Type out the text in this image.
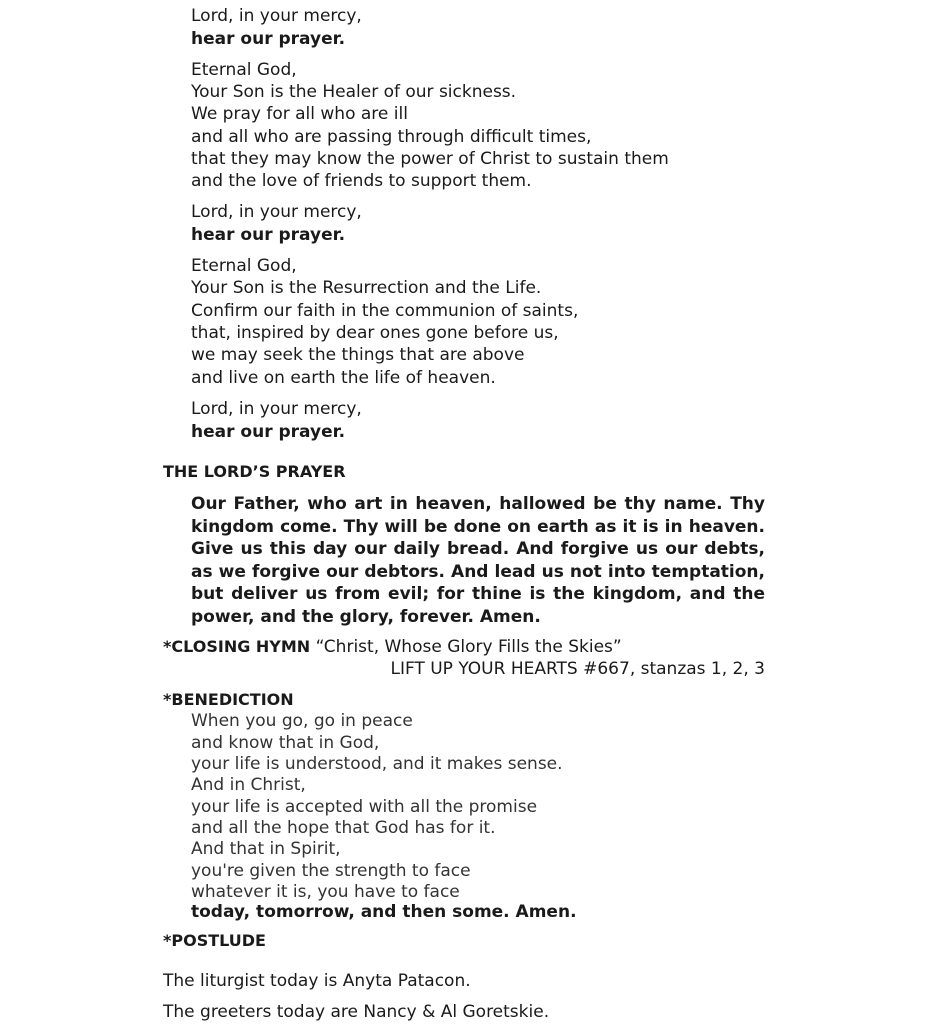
Lord, in your mercy,
hear our prayer.
Eternal God,
Your Son is the Healer of our sickness.
We pray for all who are ill
and all who are passing through difficult times,
that they may know the power of Christ to sustain them
and the love of friends to support them.
Lord, in your mercy,
hear our prayer.
Eternal God,
Your Son is the Resurrection and the Life.
Confirm our faith in the communion of saints,
that, inspired by dear ones gone before us,
we may seek the things that are above
and live on earth the life of heaven.
Lord, in your mercy,
hear our prayer.
THE LORD’S PRAYER
Our Father, who art in heaven, hallowed be thy name. Thy kingdom come. Thy will be done on earth as it is in heaven. Give us this day our daily bread. And forgive us our debts, as we forgive our debtors. And lead us not into temptation, but deliver us from evil; for thine is the kingdom, and the power, and the glory, forever. Amen.
*CLOSING HYMN “Christ, Whose Glory Fills the Skies”
LIFT UP YOUR HEARTS #667, stanzas 1, 2, 3
*BENEDICTION
When you go, go in peace
and know that in God,
your life is understood, and it makes sense.
And in Christ,
your life is accepted with all the promise
and all the hope that God has for it.
And that in Spirit,
you're given the strength to face
whatever it is, you have to face
today, tomorrow, and then some. Amen.
*POSTLUDE
The liturgist today is Anyta Patacon.
The greeters today are Nancy & Al Goretskie.
